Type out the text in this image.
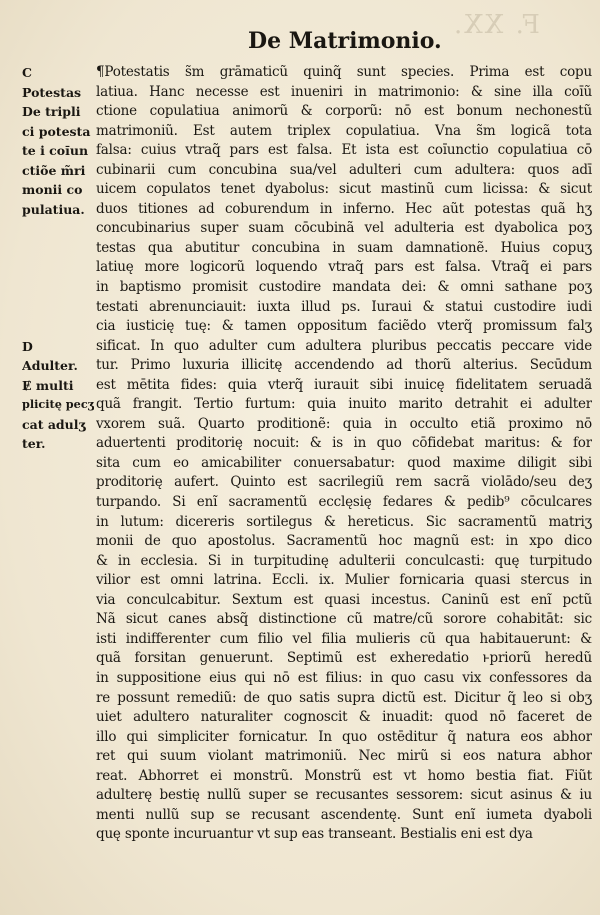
F. XX.
De Matrimonio.
C	¶Potestatis s̃m grāmaticũ quinq̃ sunt species. Prima est copu
Potestas	latiua. Hanc necesse est inueniri in matrimonio: & sine illa coı̄ũ
De tripli	ctione copulatiua animorũ & corporũ: nō est bonum nechonestũ
ci potesta matrimoniũ. Est autem triplex copulatiua. Vna s̃m logicã tota
te i coı̄un falsa: cuius vtraq̃ pars est falsa. Et ista est coı̄unctio copulatiua cō
ctiõe m̃ri cubinarii cum concubina sua/vel adulteri cum adultera: quos adī
monii co	uicem copulatos tenet dyabolus: sicut mastinũ cum licissa: & sicut
pulatiua. duos titiones ad coburendum in inferno. Hec aũt potestas quã hʒ
concubinarius super suam cōcubinã vel adulteria est dyabolica poʒ
testas qua abutitur concubina in suam damnationẽ. Huius copuʒ
latiuę more logicorũ loquendo vtraq̃ pars est falsa. Vtraq̃ ei pars
in baptismo promisit custodire mandata dei: & omni sathane poʒ
testati abrenunciauit: iuxta illud ps. Iuraui & statui custodire iudi
cia iusticię tuę: & tamen oppositum faciẽdo vterq̃ promissum falʒ
D	sificat. In quo adulter cum adultera pluribus peccatis peccare vide
Adulter.	tur. Primo luxuria illicitę accendendo ad thorũ alterius. Secūdum
Ɇ multi	est mētita fides: quia vterq̃ iurauit sibi inuicę fidelitatem seruadã
plicitę pecʒ quã frangit. Tertio furtum: quia inuito marito detrahit ei adulter
cat adulʒ vxorem suã. Quarto proditionẽ: quia in occulto etiã proximo nō
ter.	aduertenti proditorię nocuit: & is in quo cōfidebat maritus: & for
sita cum eo amicabiliter conuersabatur: quod maxime diligit sibi
proditorię aufert. Quinto est sacrilegiũ rem sacrã violādo/seu deʒ
turpando. Si enĩ sacramentũ ecclęsię fedares & pedib⁹ cōculcares
in lutum: dicereris sortilegus & hereticus. Sic sacramentũ matriʒ
monii de quo apostolus. Sacramentũ hoc magnũ est: in xpo dico
& in ecclesia. Si in turpitudinę adulterii conculcasti: quę turpitudo
vilior est omni latrina. Eccli. ix. Mulier fornicaria quasi stercus in
via conculcabitur. Sextum est quasi incestus. Caninũ est enĩ pctũ
Nã sicut canes absq̃ distinctione cũ matre/cũ sorore cohabitāt: sic
isti indifferenter cum filio vel filia mulieris cũ qua habitauerunt: &
quã forsitan genuerunt. Septimũ est exheredatio ͱpriorũ heredũ
in suppositione eius qui nō est filius: in quo casu vix confessores da
re possunt remediũ: de quo satis supra dictũ est. Dicitur q̃ leo si obʒ
uiet adultero naturaliter cognoscit & inuadit: quod nō faceret de
illo qui simpliciter fornicatur. In quo ostēditur q̃ natura eos abhor
ret qui suum violant matrimoniũ. Nec mirũ si eos natura abhor
reat. Abhorret ei monstrũ. Monstrũ est vt homo bestia fiat. Fiũt
adulterę bestię nullũ super se recusantes sessorem: sicut asinus & iu
menti nullũ sup se recusant ascendentę. Sunt enĩ iumeta dyaboli
quę sponte incuruantur vt sup eas transeant. Bestialis eni est dya
